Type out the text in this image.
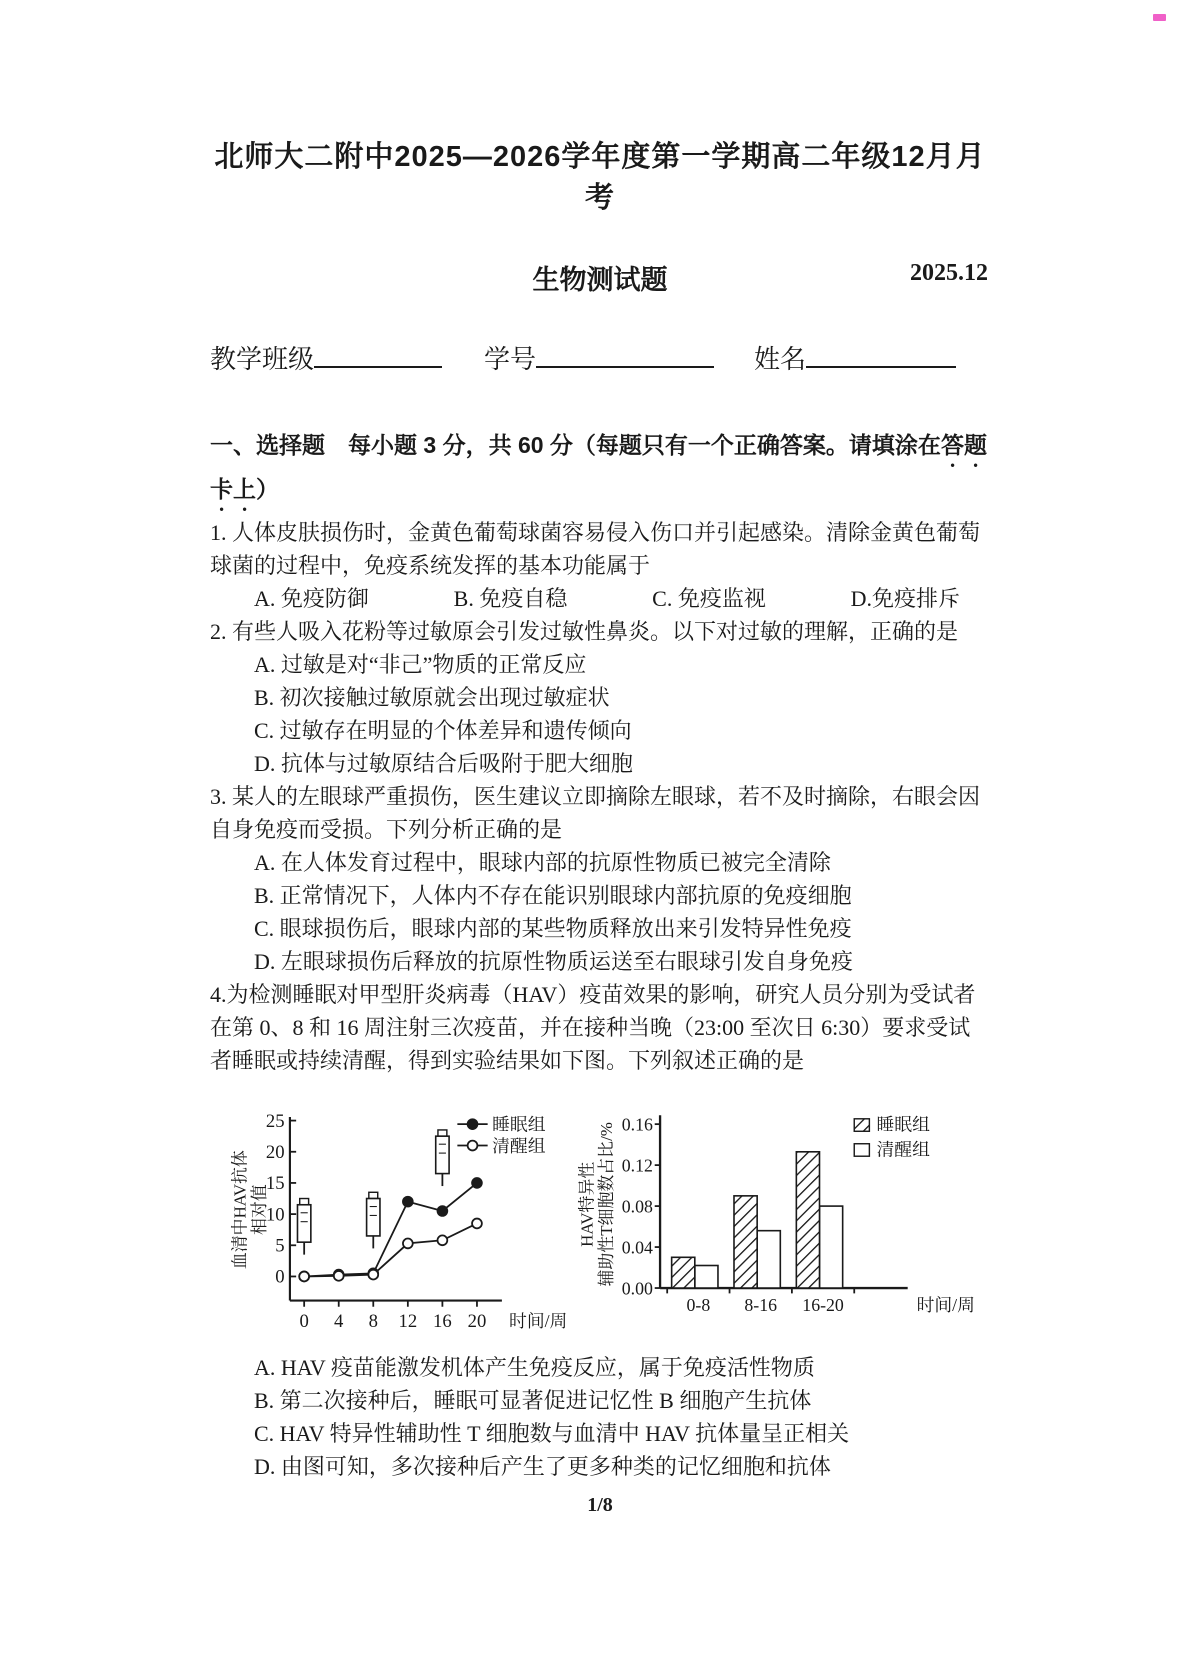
北师大二附中2025—2026学年度第一学期高二年级12月月考
生物测试题	2025.12
教学班级	学号	姓名
一、选择题　每小题 3 分，共 60 分（每题只有一个正确答案。请填涂在答题卡上）

1. 人体皮肤损伤时，金黄色葡萄球菌容易侵入伤口并引起感染。清除金黄色葡萄球菌的过程中，免疫系统发挥的基本功能属于

A. 免疫防御	B. 免疫自稳	C. 免疫监视	D.免疫排斥

2. 有些人吸入花粉等过敏原会引发过敏性鼻炎。以下对过敏的理解，正确的是

A. 过敏是对“非己”物质的正常反应

B. 初次接触过敏原就会出现过敏症状

C. 过敏存在明显的个体差异和遗传倾向

D. 抗体与过敏原结合后吸附于肥大细胞

3. 某人的左眼球严重损伤，医生建议立即摘除左眼球，若不及时摘除，右眼会因自身免疫而受损。下列分析正确的是

A. 在人体发育过程中，眼球内部的抗原性物质已被完全清除

B. 正常情况下，人体内不存在能识别眼球内部抗原的免疫细胞

C. 眼球损伤后，眼球内部的某些物质释放出来引发特异性免疫

D. 左眼球损伤后释放的抗原性物质运送至右眼球引发自身免疫

4.为检测睡眠对甲型肝炎病毒（HAV）疫苗效果的影响，研究人员分别为受试者在第 0、8 和 16 周注射三次疫苗，并在接种当晚（23:00 至次日 6:30）要求受试者睡眠或持续清醒，得到实验结果如下图。下列叙述正确的是

0
5
10
15
20
25
0 4 8 12 16 20 时间/周
血清中HAV抗体 相对值
睡眠组
清醒组
0.00
0.04
0.08
0.12
0.16
0-8 8-16 16-20	时间/周
HAV特异性 辅助性T细胞数占比/%	睡眠组
清醒组

A. HAV 疫苗能激发机体产生免疫反应，属于免疫活性物质

B. 第二次接种后，睡眠可显著促进记忆性 B 细胞产生抗体

C. HAV 特异性辅助性 T 细胞数与血清中 HAV 抗体量呈正相关

D. 由图可知，多次接种后产生了更多种类的记忆细胞和抗体

1/8
